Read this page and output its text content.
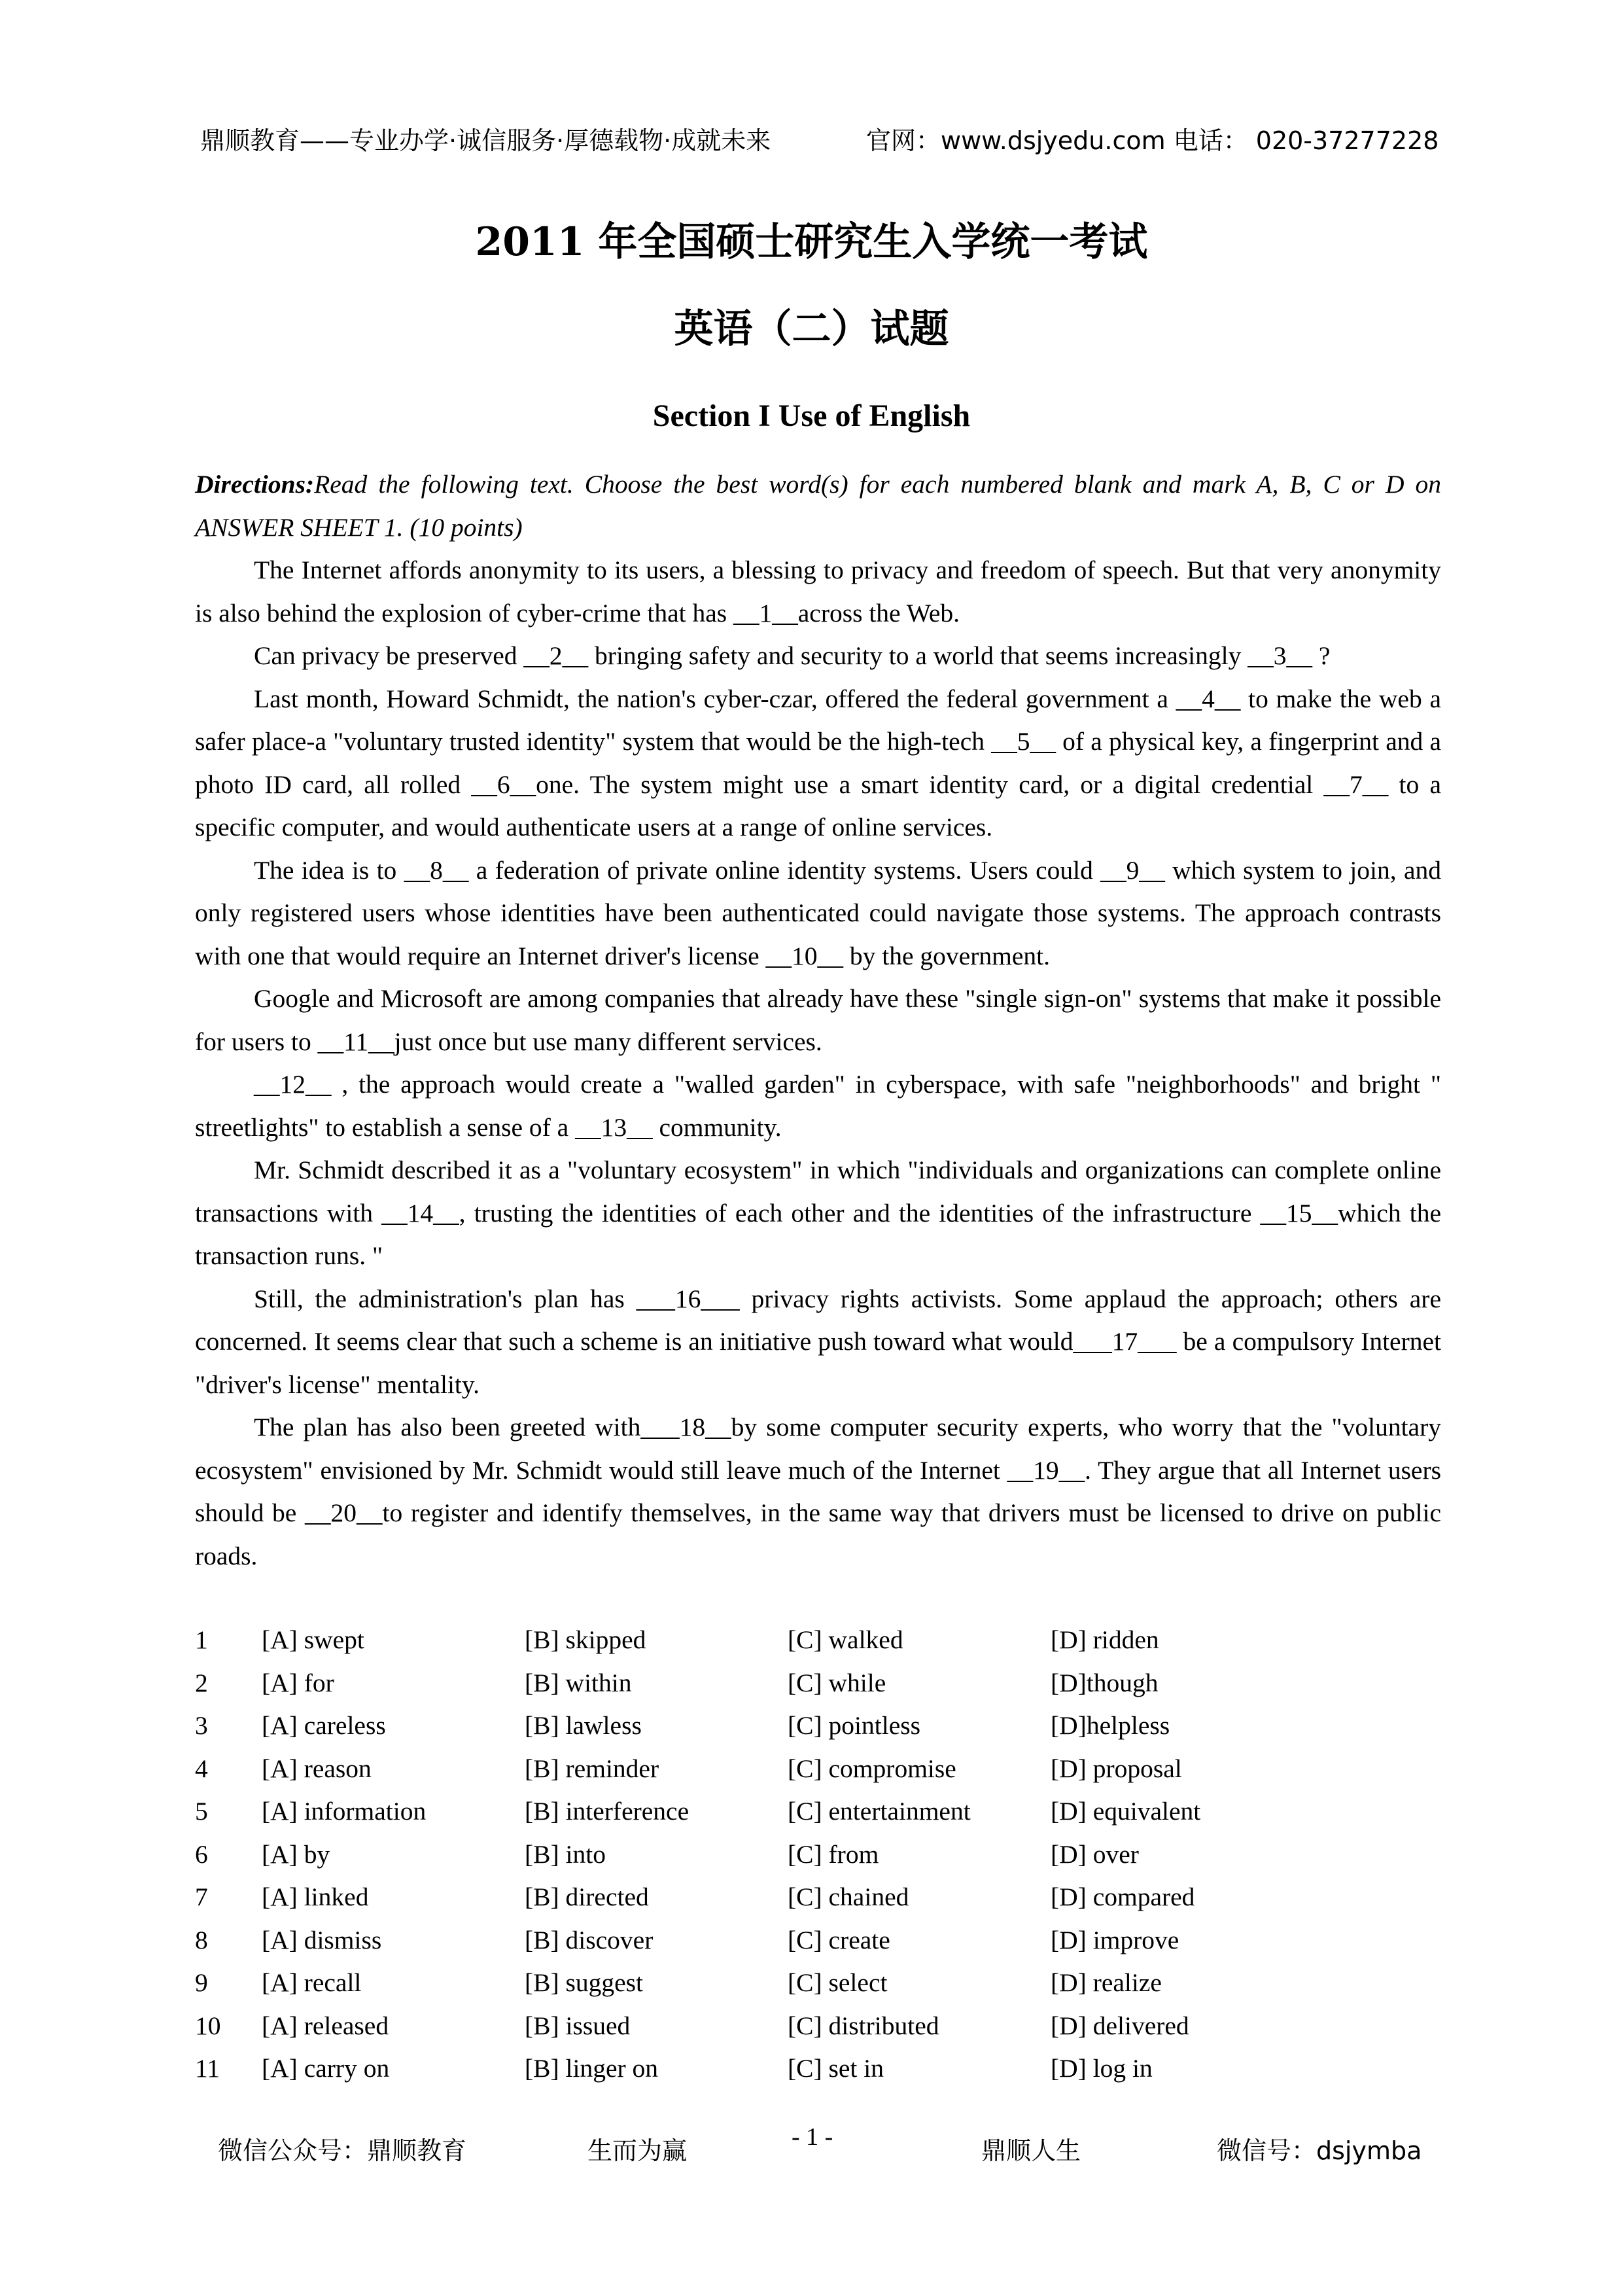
鼎顺教育——专业办学·诚信服务·厚德载物·成就未来	官网：www.dsjyedu.com 电话： 020-37277228
2011 年全国硕士研究生入学统一考试
英语（二）试题
Section I Use of English

Directions:Read the following text. Choose the best word(s) for each numbered blank and mark A, B, C or D on ANSWER SHEET 1. (10 points)

The Internet affords anonymity to its users, a blessing to privacy and freedom of speech. But that very anonymity is also behind the explosion of cyber-crime that has __1__across the Web.

Can privacy be preserved __2__ bringing safety and security to a world that seems increasingly __3__ ?

Last month, Howard Schmidt, the nation's cyber-czar, offered the federal government a __4__ to make the web a safer place-a "voluntary trusted identity" system that would be the high-tech __5__ of a physical key, a fingerprint and a photo ID card, all rolled __6__one. The system might use a smart identity card, or a digital credential __7__ to a specific computer, and would authenticate users at a range of online services.

The idea is to __8__ a federation of private online identity systems. Users could __9__ which system to join, and only registered users whose identities have been authenticated could navigate those systems. The approach contrasts with one that would require an Internet driver's license __10__ by the government.

Google and Microsoft are among companies that already have these "single sign-on" systems that make it possible for users to __11__just once but use many different services.

__12__ , the approach would create a "walled garden" in cyberspace, with safe "neighborhoods" and bright " streetlights" to establish a sense of a __13__ community.

Mr. Schmidt described it as a "voluntary ecosystem" in which "individuals and organizations can complete online transactions with __14__, trusting the identities of each other and the identities of the infrastructure __15__which the transaction runs. "

Still, the administration's plan has ___16___ privacy rights activists. Some applaud the approach; others are concerned. It seems clear that such a scheme is an initiative push toward what would___17___ be a compulsory Internet "driver's license" mentality.

The plan has also been greeted with___18__by some computer security experts, who worry that the "voluntary ecosystem" envisioned by Mr. Schmidt would still leave much of the Internet __19__. They argue that all Internet users should be __20__to register and identify themselves, in the same way that drivers must be licensed to drive on public roads.

1 [A] swept	[B] skipped	[C] walked	[D] ridden
2 [A] for	[B] within	[C] while	[D]though
3 [A] careless	[B] lawless	[C] pointless	[D]helpless
4 [A] reason	[B] reminder	[C] compromise	[D] proposal
5 [A] information	[B] interference	[C] entertainment	[D] equivalent
6 [A] by	[B] into	[C] from	[D] over
7 [A] linked	[B] directed	[C] chained	[D] compared
8 [A] dismiss	[B] discover	[C] create	[D] improve
9 [A] recall	[B] suggest	[C] select	[D] realize
10 [A] released	[B] issued	[C] distributed	[D] delivered
11 [A] carry on	[B] linger on	[C] set in	[D] log in
微信公众号：鼎顺教育	生而为赢	- 1 -	鼎顺人生	微信号：dsjymba
